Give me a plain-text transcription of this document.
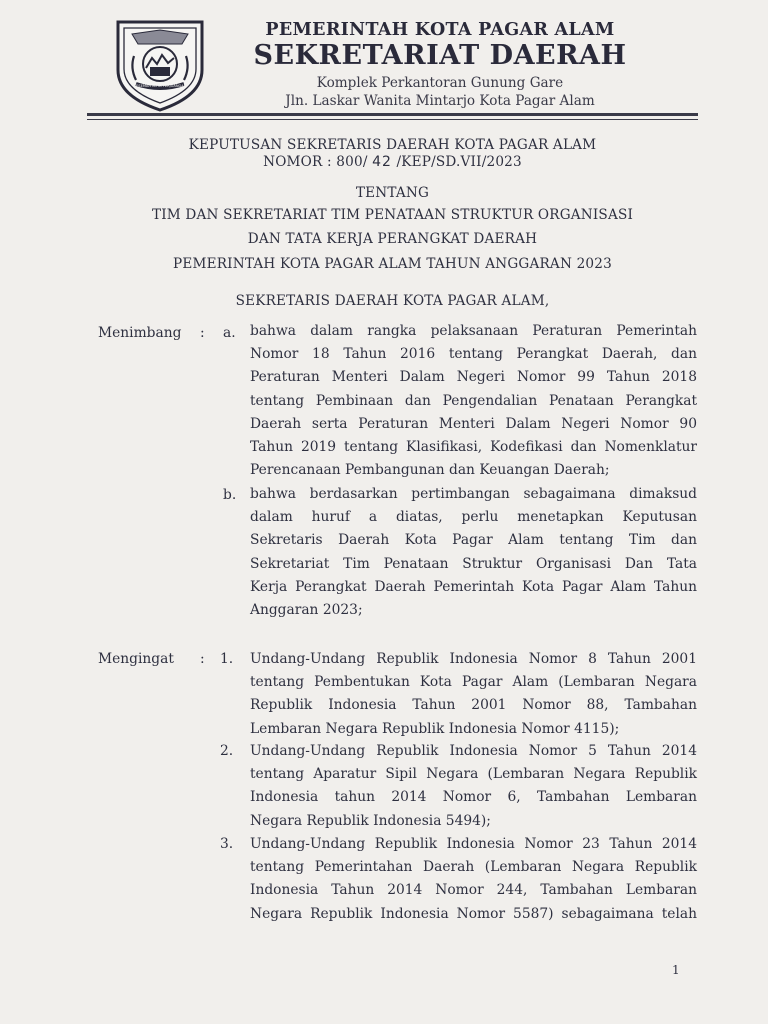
BESEMAH KOTA PERJUANGAN
PEMERINTAH KOTA PAGAR ALAM
SEKRETARIAT DAERAH
Komplek Perkantoran Gunung Gare
Jln. Laskar Wanita Mintarjo Kota Pagar Alam
KEPUTUSAN SEKRETARIS DAERAH KOTA PAGAR ALAM
NOMOR : 800/ 42 /KEP/SD.VII/2023
TENTANG
TIM DAN SEKRETARIAT TIM PENATAAN STRUKTUR ORGANISASI
DAN TATA KERJA PERANGKAT DAERAH
PEMERINTAH KOTA PAGAR ALAM TAHUN ANGGARAN 2023
SEKRETARIS DAERAH KOTA PAGAR ALAM,
Menimbang : a. bahwa dalam rangka pelaksanaan Peraturan Pemerintah
Nomor 18 Tahun 2016 tentang Perangkat Daerah, dan
Peraturan Menteri Dalam Negeri Nomor 99 Tahun 2018
tentang Pembinaan dan Pengendalian Penataan Perangkat
Daerah serta Peraturan Menteri Dalam Negeri Nomor 90
Tahun 2019 tentang Klasifikasi, Kodefikasi dan Nomenklatur
Perencanaan Pembangunan dan Keuangan Daerah;
b. bahwa berdasarkan pertimbangan sebagaimana dimaksud
dalam huruf a diatas, perlu menetapkan Keputusan
Sekretaris Daerah Kota Pagar Alam tentang Tim dan
Sekretariat Tim Penataan Struktur Organisasi Dan Tata
Kerja Perangkat Daerah Pemerintah Kota Pagar Alam Tahun
Anggaran 2023;
Mengingat : 1. Undang-Undang Republik Indonesia Nomor 8 Tahun 2001
tentang Pembentukan Kota Pagar Alam (Lembaran Negara
Republik Indonesia Tahun 2001 Nomor 88, Tambahan
Lembaran Negara Republik Indonesia Nomor 4115);
2. Undang-Undang Republik Indonesia Nomor 5 Tahun 2014
tentang Aparatur Sipil Negara (Lembaran Negara Republik
Indonesia tahun 2014 Nomor 6, Tambahan Lembaran
Negara Republik Indonesia 5494);
3. Undang-Undang Republik Indonesia Nomor 23 Tahun 2014
tentang Pemerintahan Daerah (Lembaran Negara Republik
Indonesia Tahun 2014 Nomor 244, Tambahan Lembaran
Negara Republik Indonesia Nomor 5587) sebagaimana telah
1
